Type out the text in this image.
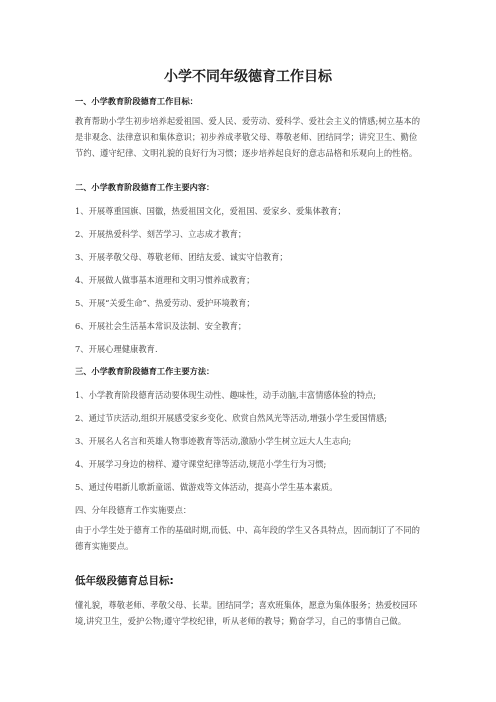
小学不同年级德育工作目标
一、小学教育阶段德育工作目标：
教育帮助小学生初步培养起爱祖国、爱人民、爱劳动、爱科学、爱社会主义的情感;树立基本的是非观念、法律意识和集体意识；初步养成孝敬父母、尊敬老师、团结同学；讲究卫生、勤俭节约、遵守纪律、文明礼貌的良好行为习惯；逐步培养起良好的意志品格和乐观向上的性格。
二、小学教育阶段德育工作主要内容：
1、开展尊重国旗、国徽，热爱祖国文化，爱祖国、爱家乡、爱集体教育；
2、开展热爱科学、刻苦学习、立志成才教育；
3、开展孝敬父母、尊敬老师、团结友爱、诚实守信教育；
4、开展做人做事基本道理和文明习惯养成教育；
5、开展“关爱生命”、热爱劳动、爱护环境教育；
6、开展社会生活基本常识及法制、安全教育；
7、开展心理健康教育.
三、小学教育阶段德育工作主要方法：
1、小学教育阶段德育活动要体现生动性、趣味性，动手动脑,丰富情感体验的特点;
2、通过节庆活动,组织开展感受家乡变化、欣赏自然风光等活动,增强小学生爱国情感;
3、开展名人名言和英雄人物事迹教育等活动,激励小学生树立远大人生志向;
4、开展学习身边的榜样、遵守课堂纪律等活动,规范小学生行为习惯;
5、通过传唱新儿歌新童谣、做游戏等文体活动，提高小学生基本素质。
四、分年段德育工作实施要点：
由于小学生处于德育工作的基础时期,而低、中、高年段的学生又各具特点，因而制订了不同的德育实施要点。
低年级段德育总目标:
懂礼貌，尊敬老师、孝敬父母、长辈。团结同学；喜欢班集体，愿意为集体服务；热爱校园环境,讲究卫生，爱护公物;遵守学校纪律，听从老师的教导；勤奋学习，自己的事情自己做。
